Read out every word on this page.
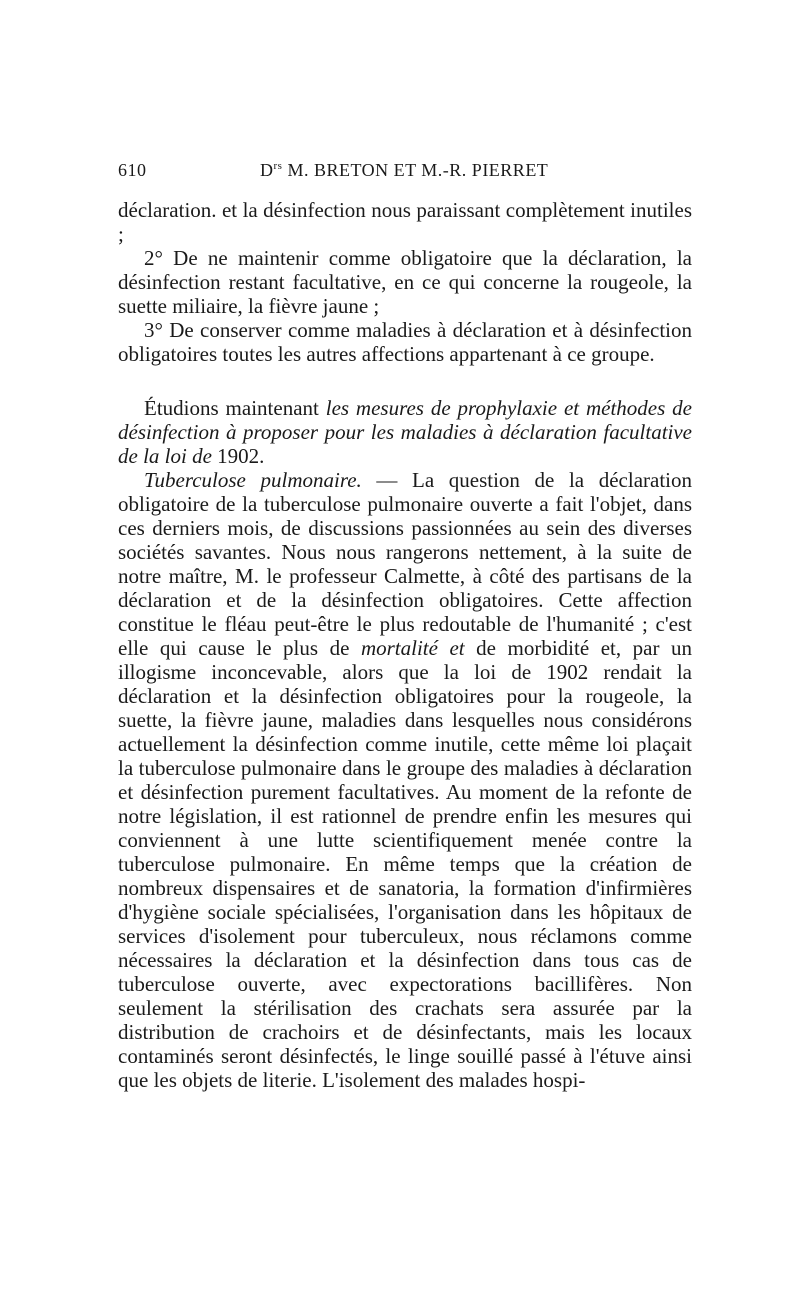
610	$D^{rs}$ M. BRETON ET M.-R. PIERRET

déclaration. et la désinfection nous paraissant complètement inutiles ;

2° De ne maintenir comme obligatoire que la déclaration, la désinfection restant facultative, en ce qui concerne la rougeole, la suette miliaire, la fièvre jaune ;

3° De conserver comme maladies à déclaration et à désinfection obligatoires toutes les autres affections appartenant à ce groupe.

Étudions maintenant les mesures de prophylaxie et méthodes de désinfection à proposer pour les maladies à déclaration facultative de la loi de 1902.

Tuberculose pulmonaire. — La question de la déclaration obligatoire de la tuberculose pulmonaire ouverte a fait l'objet, dans ces derniers mois, de discussions passionnées au sein des diverses sociétés savantes. Nous nous rangerons nettement, à la suite de notre maître, M. le professeur Calmette, à côté des partisans de la déclaration et de la désinfection obligatoires. Cette affection constitue le fléau peut-être le plus redoutable de l'humanité ; c'est elle qui cause le plus de mortalité et de morbidité et, par un illogisme inconcevable, alors que la loi de 1902 rendait la déclaration et la désinfection obligatoires pour la rougeole, la suette, la fièvre jaune, maladies dans lesquelles nous considérons actuellement la désinfection comme inutile, cette même loi plaçait la tuberculose pulmonaire dans le groupe des maladies à déclaration et désinfection purement facultatives. Au moment de la refonte de notre législation, il est rationnel de prendre enfin les mesures qui conviennent à une lutte scientifiquement menée contre la tuberculose pulmonaire. En même temps que la création de nombreux dispensaires et de sanatoria, la formation d'infirmières d'hygiène sociale spécialisées, l'organisation dans les hôpitaux de services d'isolement pour tuberculeux, nous réclamons comme nécessaires la déclaration et la désinfection dans tous cas de tuberculose ouverte, avec expectorations bacillifères. Non seulement la stérilisation des crachats sera assurée par la distribution de crachoirs et de désinfectants, mais les locaux contaminés seront désinfectés, le linge souillé passé à l'étuve ainsi que les objets de literie. L'isolement des malades hospi-
